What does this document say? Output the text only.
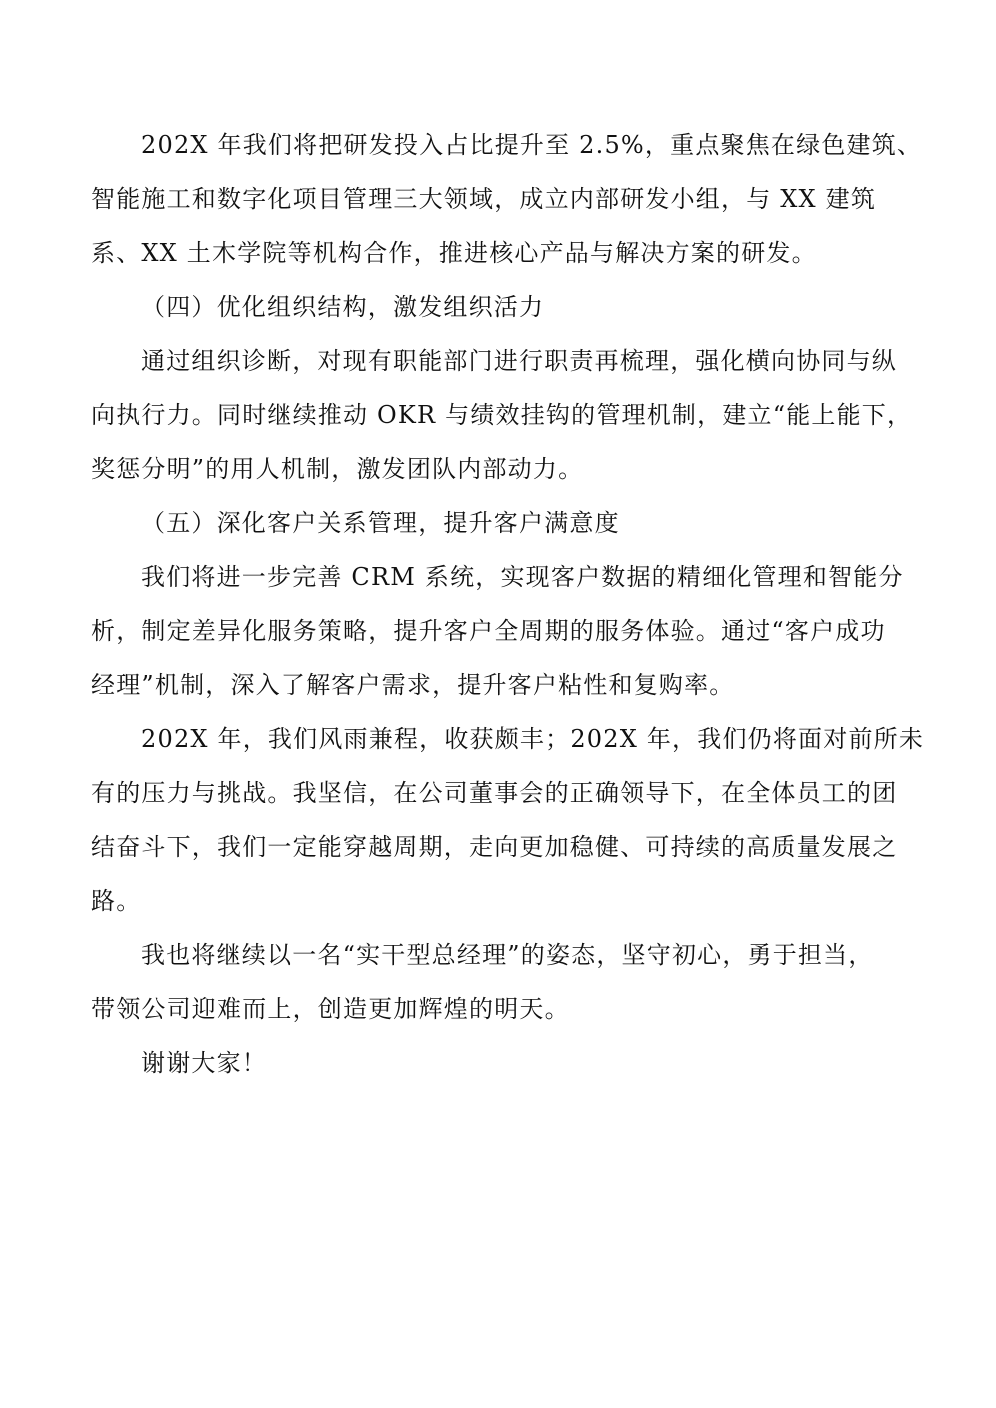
202X 年我们将把研发投入占比提升至 2.5%，重点聚焦在绿色建筑、
智能施工和数字化项目管理三大领域，成立内部研发小组，与 XX 建筑
系、XX 土木学院等机构合作，推进核心产品与解决方案的研发。
（四）优化组织结构，激发组织活力
通过组织诊断，对现有职能部门进行职责再梳理，强化横向协同与纵
向执行力。同时继续推动 OKR 与绩效挂钩的管理机制，建立“能上能下，
奖惩分明”的用人机制，激发团队内部动力。
（五）深化客户关系管理，提升客户满意度
我们将进一步完善 CRM 系统，实现客户数据的精细化管理和智能分
析，制定差异化服务策略，提升客户全周期的服务体验。通过“客户成功
经理”机制，深入了解客户需求，提升客户粘性和复购率。
202X 年，我们风雨兼程，收获颇丰；202X 年，我们仍将面对前所未
有的压力与挑战。我坚信，在公司董事会的正确领导下，在全体员工的团
结奋斗下，我们一定能穿越周期，走向更加稳健、可持续的高质量发展之
路。
我也将继续以一名“实干型总经理”的姿态，坚守初心，勇于担当，
带领公司迎难而上，创造更加辉煌的明天。
谢谢大家！
